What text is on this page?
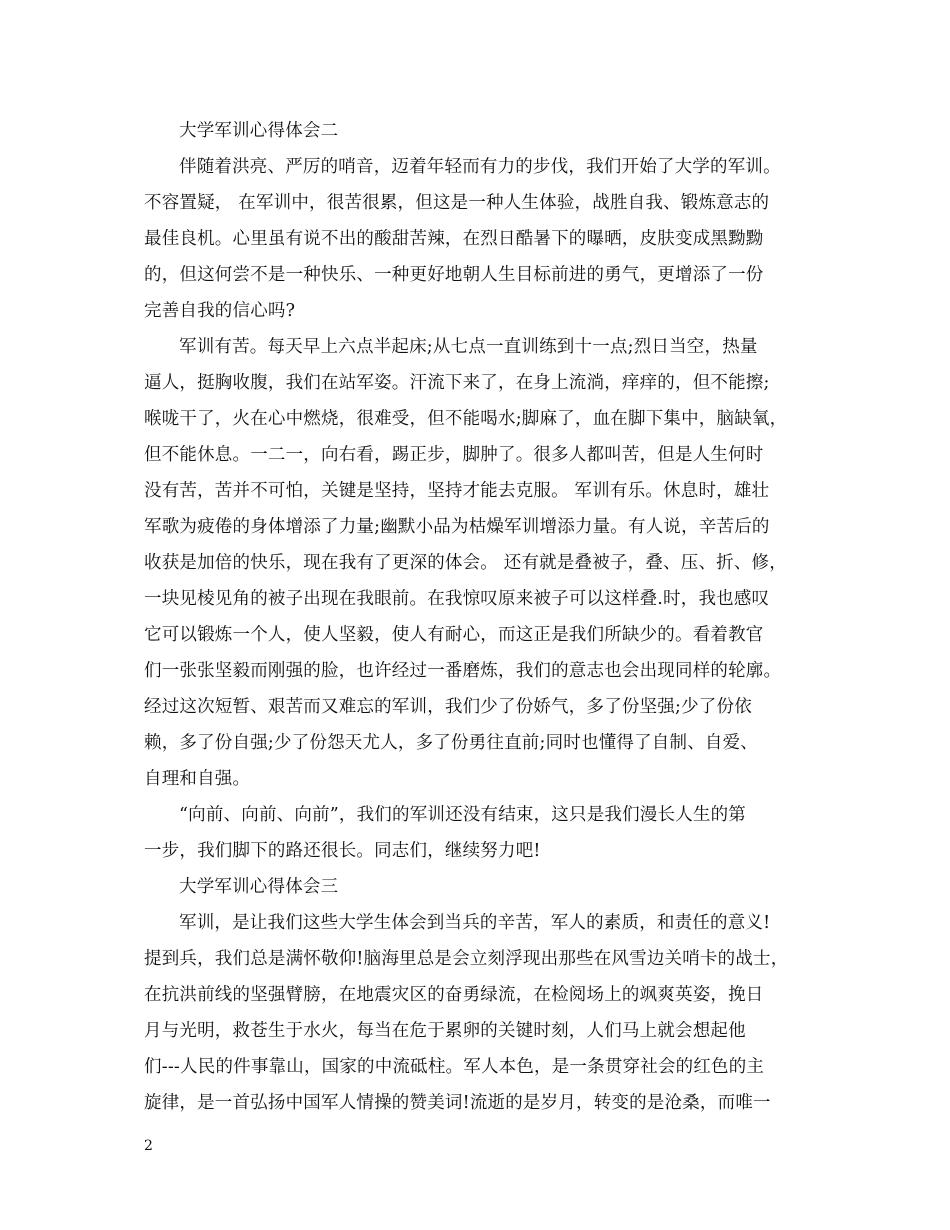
大学军训心得体会二
伴随着洪亮、严厉的哨音，迈着年轻而有力的步伐，我们开始了大学的军训。
不容置疑， 在军训中，很苦很累，但这是一种人生体验，战胜自我、锻炼意志的
最佳良机。心里虽有说不出的酸甜苦辣，在烈日酷暑下的曝晒，皮肤变成黑黝黝
的，但这何尝不是一种快乐、一种更好地朝人生目标前进的勇气，更增添了一份
完善自我的信心吗?
军训有苦。每天早上六点半起床;从七点一直训练到十一点;烈日当空，热量
逼人，挺胸收腹，我们在站军姿。汗流下来了，在身上流淌，痒痒的，但不能擦;
喉咙干了，火在心中燃烧，很难受，但不能喝水;脚麻了，血在脚下集中，脑缺氧，
但不能休息。一二一，向右看，踢正步，脚肿了。很多人都叫苦，但是人生何时
没有苦，苦并不可怕，关键是坚持，坚持才能去克服。 军训有乐。休息时，雄壮
军歌为疲倦的身体增添了力量;幽默小品为枯燥军训增添力量。有人说，辛苦后的
收获是加倍的快乐，现在我有了更深的体会。 还有就是叠被子，叠、压、折、修，
一块见棱见角的被子出现在我眼前。在我惊叹原来被子可以这样叠.时，我也感叹
它可以锻炼一个人，使人坚毅，使人有耐心，而这正是我们所缺少的。看着教官
们一张张坚毅而刚强的脸，也许经过一番磨炼，我们的意志也会出现同样的轮廓。
经过这次短暂、艰苦而又难忘的军训，我们少了份娇气，多了份坚强;少了份依
赖，多了份自强;少了份怨天尤人，多了份勇往直前;同时也懂得了自制、自爱、
自理和自强。
“向前、向前、向前”，我们的军训还没有结束，这只是我们漫长人生的第
一步，我们脚下的路还很长。同志们，继续努力吧!
大学军训心得体会三
军训，是让我们这些大学生体会到当兵的辛苦，军人的素质，和责任的意义!
提到兵，我们总是满怀敬仰!脑海里总是会立刻浮现出那些在风雪边关哨卡的战士，
在抗洪前线的坚强臂膀，在地震灾区的奋勇绿流，在检阅场上的飒爽英姿，挽日
月与光明，救苍生于水火，每当在危于累卵的关键时刻，人们马上就会想起他
们---人民的件事靠山，国家的中流砥柱。军人本色，是一条贯穿社会的红色的主
旋律，是一首弘扬中国军人情操的赞美词!流逝的是岁月，转变的是沧桑，而唯一
2
